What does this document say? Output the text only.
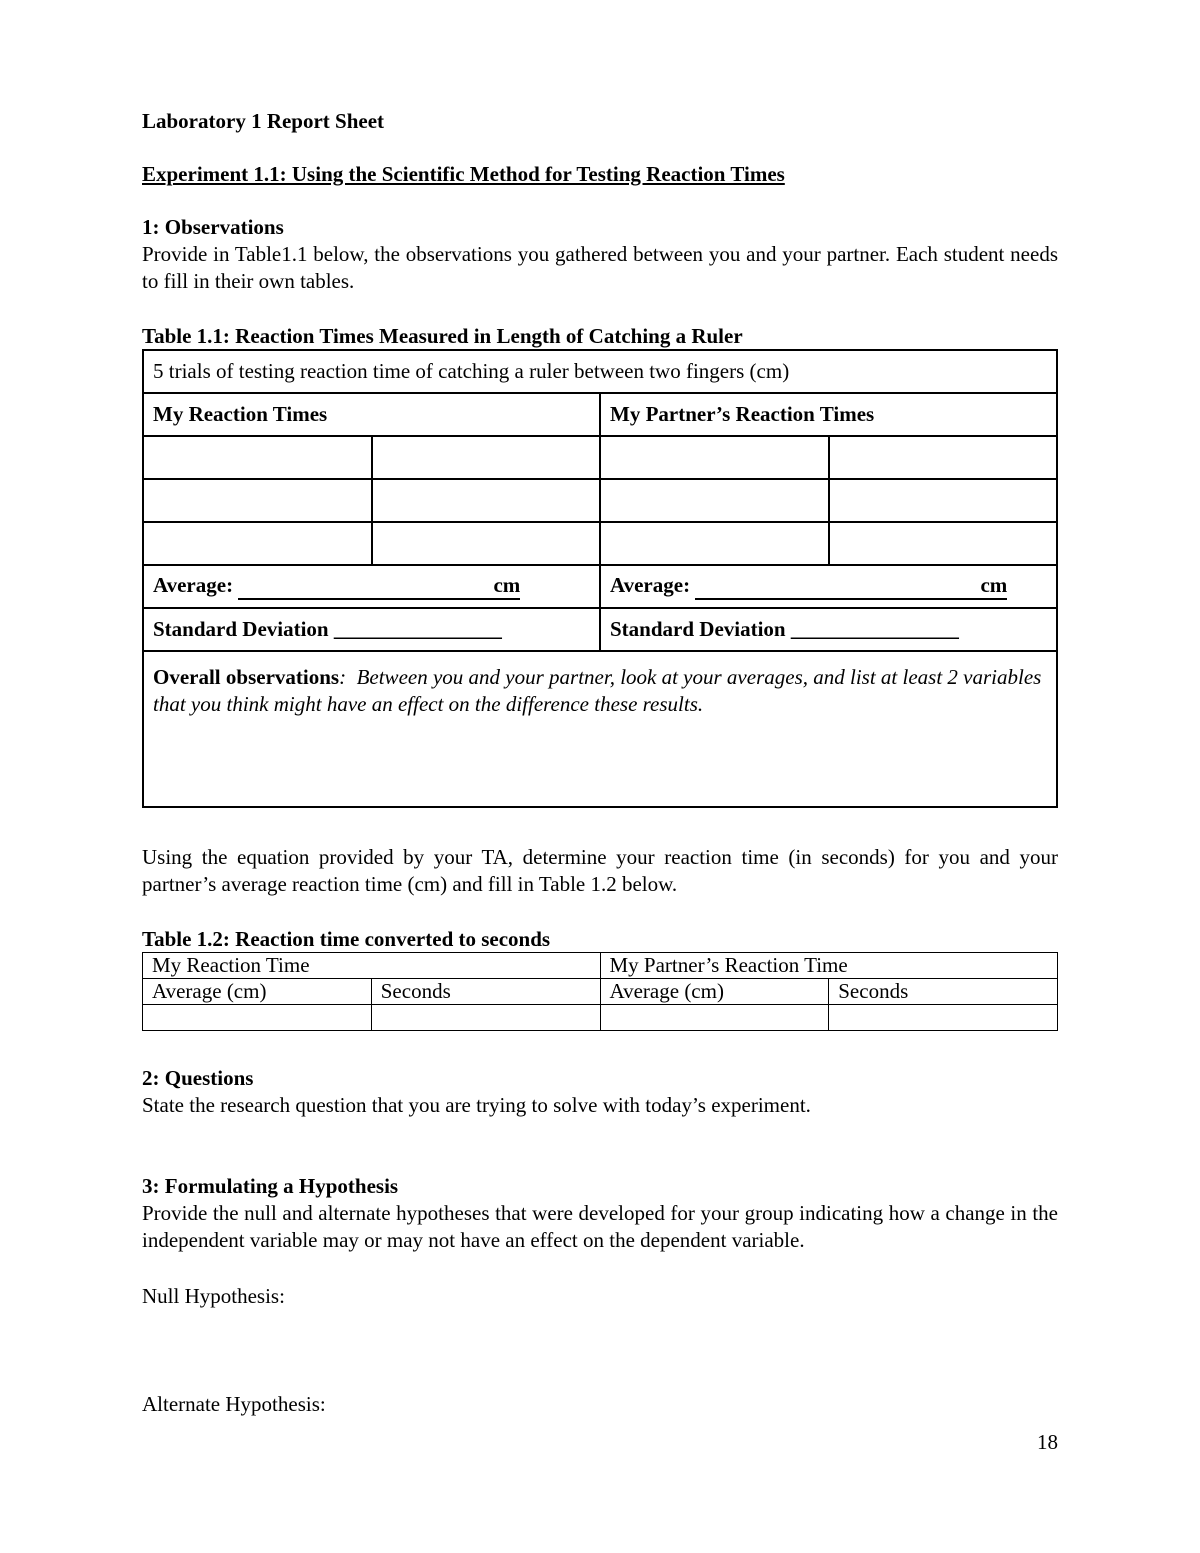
Laboratory 1 Report Sheet

Experiment 1.1: Using the Scientific Method for Testing Reaction Times

1: Observations

Provide in Table1.1 below, the observations you gathered between you and your partner. Each student needs to fill in their own tables.

Table 1.1: Reaction Times Measured in Length of Catching a Ruler

5 trials of testing reaction time of catching a ruler between two fingers (cm)			
My Reaction Times		My Partner’s Reaction Times	

Average: cm		Average: cm	
Standard Deviation ________________		Standard Deviation ________________	
Overall observations: Between you and your partner, look at your averages, and list at least 2 variables that you think might have an effect on the difference these results.			

Using the equation provided by your TA, determine your reaction time (in seconds) for you and your partner’s average reaction time (cm) and fill in Table 1.2 below.

Table 1.2: Reaction time converted to seconds

My Reaction Time		My Partner’s Reaction Time	
Average (cm)	Seconds	Average (cm)	Seconds

2: Questions

State the research question that you are trying to solve with today’s experiment.

3: Formulating a Hypothesis

Provide the null and alternate hypotheses that were developed for your group indicating how a change in the independent variable may or may not have an effect on the dependent variable.

Null Hypothesis:

Alternate Hypothesis:

18
